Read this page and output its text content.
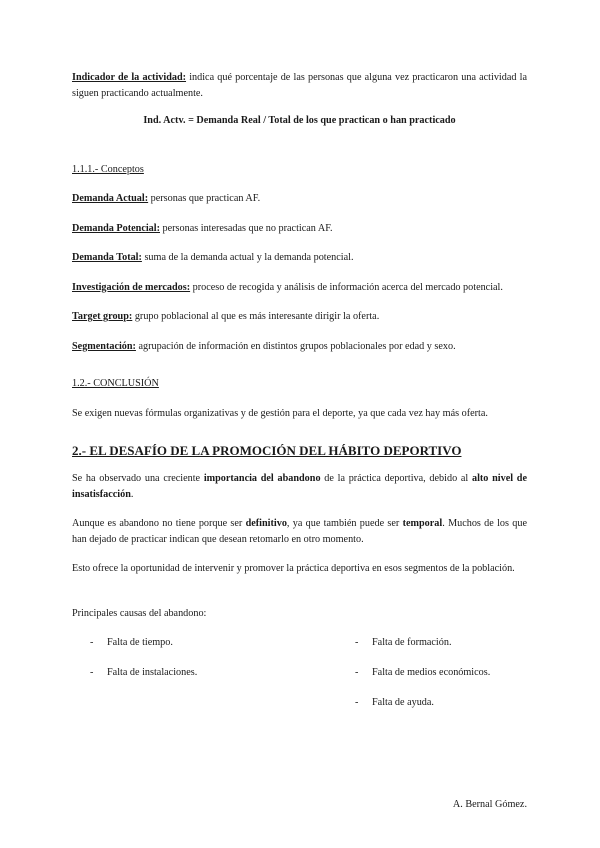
Indicador de la actividad: indica qué porcentaje de las personas que alguna vez practicaron una actividad la siguen practicando actualmente.

Ind. Actv. = Demanda Real / Total de los que practican o han practicado

1.1.1.- Conceptos

Demanda Actual: personas que practican AF.

Demanda Potencial: personas interesadas que no practican AF.

Demanda Total: suma de la demanda actual y la demanda potencial.

Investigación de mercados: proceso de recogida y análisis de información acerca del mercado potencial.

Target group: grupo poblacional al que es más interesante dirigir la oferta.

Segmentación: agrupación de información en distintos grupos poblacionales por edad y sexo.

1.2.- CONCLUSIÓN

Se exigen nuevas fórmulas organizativas y de gestión para el deporte, ya que cada vez hay más oferta.

2.- EL DESAFÍO DE LA PROMOCIÓN DEL HÁBITO DEPORTIVO

Se ha observado una creciente importancia del abandono de la práctica deportiva, debido al alto nivel de insatisfacción.

Aunque es abandono no tiene porque ser definitivo, ya que también puede ser temporal. Muchos de los que han dejado de practicar indican que desean retomarlo en otro momento.

Esto ofrece la oportunidad de intervenir y promover la práctica deportiva en esos segmentos de la población.

Principales causas del abandono:

- Falta de tiempo.
- Falta de instalaciones.
- Falta de formación.
- Falta de medios económicos.
- Falta de ayuda.
A. Bernal Gómez.
